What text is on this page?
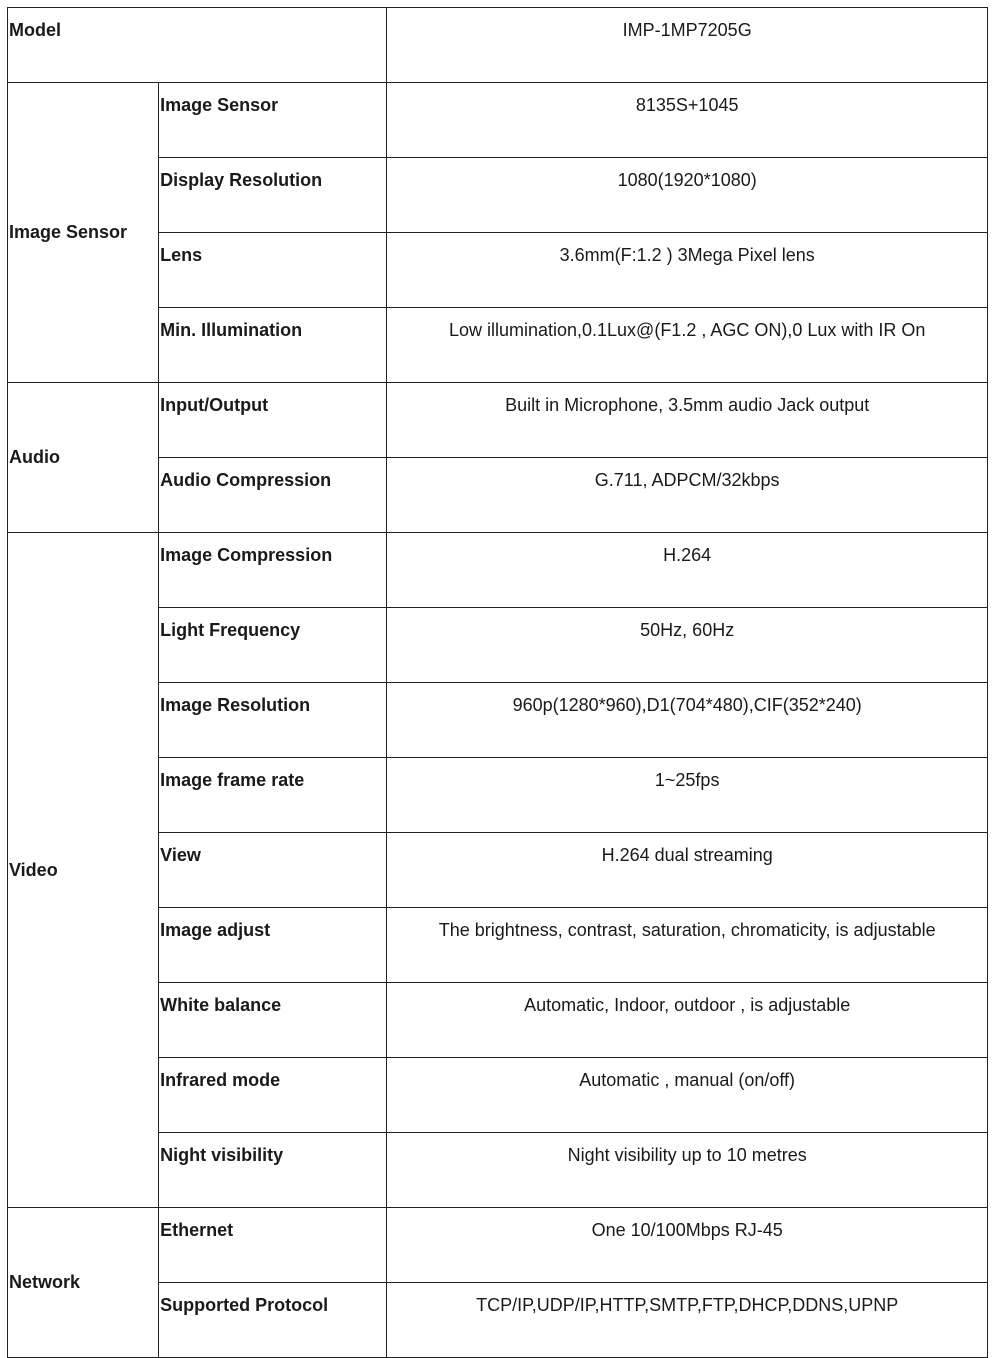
Model		IMP-1MP7205G
Image Sensor	Image Sensor	8135S+1045
	Display Resolution	1080(1920*1080)
	Lens	3.6mm(F:1.2 ) 3Mega Pixel lens
	Min. Illumination	Low illumination,0.1Lux@(F1.2 , AGC ON),0 Lux with IR On
Audio	Input/Output	Built in Microphone, 3.5mm audio Jack output
	Audio Compression	G.711, ADPCM/32kbps
Video	Image Compression	H.264
	Light Frequency	50Hz, 60Hz
	Image Resolution	960p(1280*960),D1(704*480),CIF(352*240)
	Image frame rate	1~25fps
	View	H.264 dual streaming
	Image adjust	The brightness, contrast, saturation, chromaticity, is adjustable
	White balance	Automatic, Indoor, outdoor , is adjustable
	Infrared mode	Automatic , manual (on/off)
	Night visibility	Night visibility up to 10 metres
Network	Ethernet	One 10/100Mbps RJ-45
	Supported Protocol	TCP/IP,UDP/IP,HTTP,SMTP,FTP,DHCP,DDNS,UPNP
